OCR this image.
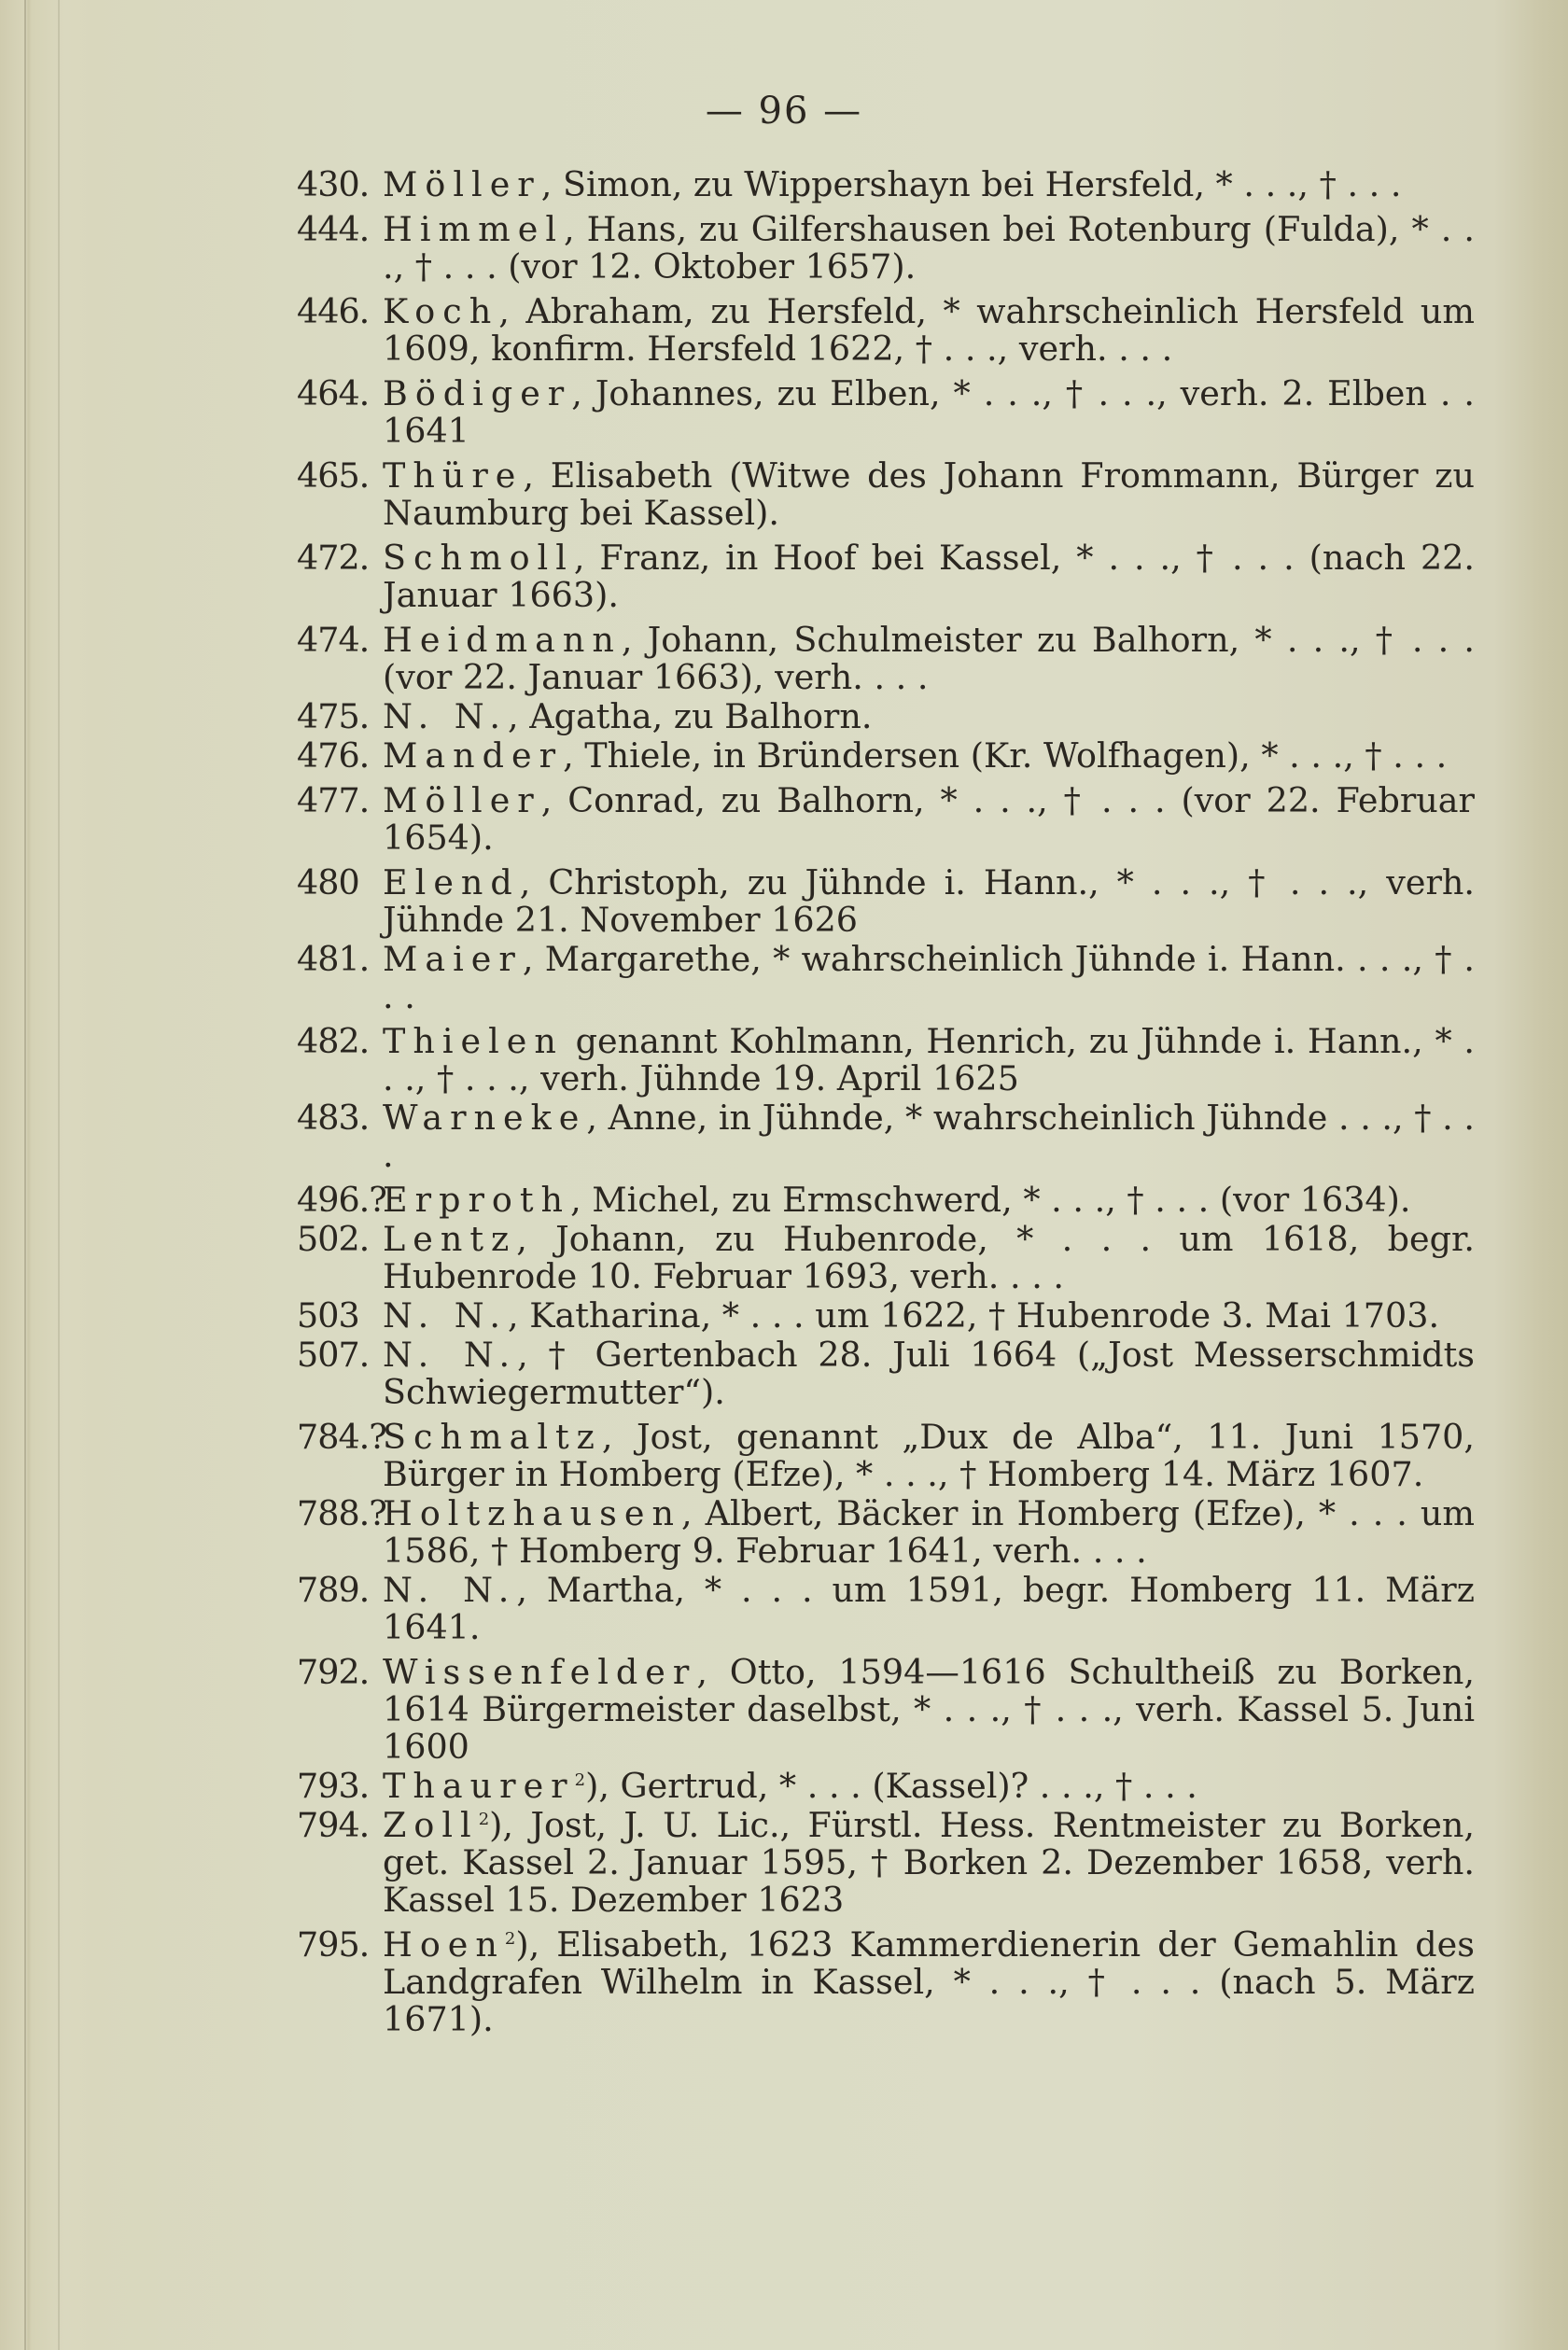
— 96 —
430. Möller, Simon, zu Wippershayn bei Hersfeld, * . . ., † . . .
444. Himmel, Hans, zu Gilfershausen bei Rotenburg (Fulda), * . . ., † . . . (vor 12. Oktober 1657).
446. Koch, Abraham, zu Hersfeld, * wahrscheinlich Hersfeld um 1609, konfirm. Hersfeld 1622, † . . ., verh. . . .
464. Bödiger, Johannes, zu Elben, * . . ., † . . ., verh. 2. Elben . . 1641
465. Thüre, Elisabeth (Witwe des Johann Frommann, Bürger zu Naumburg bei Kassel).
472. Schmoll, Franz, in Hoof bei Kassel, * . . ., † . . . (nach 22. Januar 1663).
474. Heidmann, Johann, Schulmeister zu Balhorn, * . . ., † . . . (vor 22. Januar 1663), verh. . . .
475. N. N., Agatha, zu Balhorn.
476. Mander, Thiele, in Bründersen (Kr. Wolfhagen), * . . ., † . . .
477. Möller, Conrad, zu Balhorn, * . . ., † . . . (vor 22. Februar 1654).
480 Elend, Christoph, zu Jühnde i. Hann., * . . ., † . . ., verh. Jühnde 21. November 1626
481. Maier, Margarethe, * wahrscheinlich Jühnde i. Hann. . . ., † . . .
482. Thielen genannt Kohlmann, Henrich, zu Jühnde i. Hann., * . . ., † . . ., verh. Jühnde 19. April 1625
483. Warneke, Anne, in Jühnde, * wahrscheinlich Jühnde . . ., † . . .
496.?
Erproth, Michel, zu Ermschwerd, * . . ., † . . . (vor 1634).
502. Lentz, Johann, zu Hubenrode, * . . . um 1618, begr. Hubenrode 10. Februar 1693, verh. . . .
503 N. N., Katharina, * . . . um 1622, † Hubenrode 3. Mai 1703.
507. N. N., † Gertenbach 28. Juli 1664 („Jost Messerschmidts Schwiegermutter“).
784.?
Schmaltz, Jost, genannt „Dux de Alba“, 11. Juni 1570, Bürger in Homberg (Efze), * . . ., † Homberg 14. März 1607.
788.?
Holtzhausen, Albert, Bäcker in Homberg (Efze), * . . . um 1586, † Homberg 9. Februar 1641, verh. . . .
789. N. N., Martha, * . . . um 1591, begr. Homberg 11. März 1641.
792. Wissenfelder, Otto, 1594—1616 Schultheiß zu Borken, 1614 Bürgermeister daselbst, * . . ., † . . ., verh. Kassel 5. Juni 1600
793. Thaurer$^2$), Gertrud, * . . . (Kassel)? . . ., † . . .
794. Zoll$^2$), Jost, J. U. Lic., Fürstl. Hess. Rentmeister zu Borken, get. Kassel 2. Januar 1595, † Borken 2. Dezember 1658, verh. Kassel 15. Dezember 1623
795. Hoen$^2$), Elisabeth, 1623 Kammerdienerin der Gemahlin des Landgrafen Wilhelm in Kassel, * . . ., † . . . (nach 5. März 1671).
